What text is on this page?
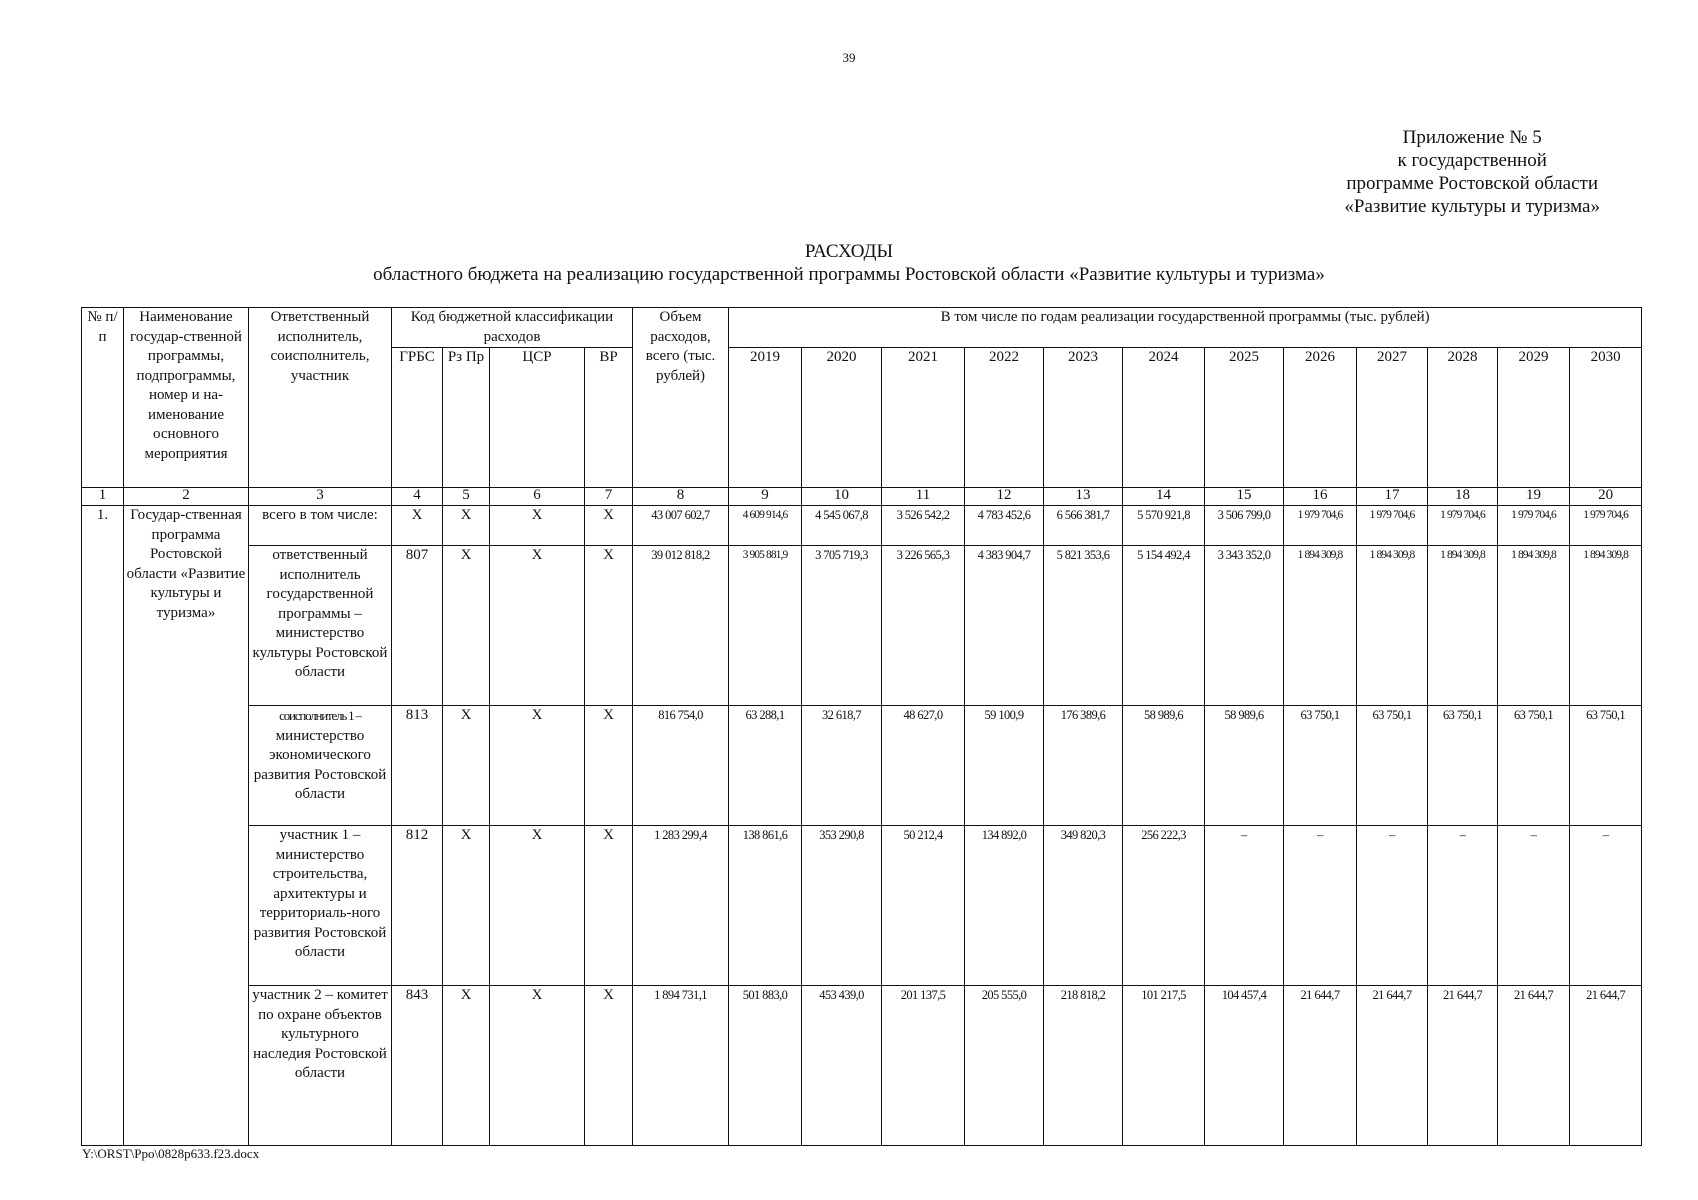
39
Приложение № 5
к государственной
программе Ростовской области
«Развитие культуры и туризма»
РАСХОДЫ
областного бюджета на реализацию государственной программы Ростовской области «Развитие культуры и туризма»
№ п/п	Наименование государ-ственной программы, подпрограммы, номер и на-именование основного мероприятия	Ответственный исполнитель, соисполнитель, участник	Код бюджетной классификации расходов				Объем расходов, всего (тыс. рублей)	В том числе по годам реализации государственной программы (тыс. рублей)											
			ГРБС	Рз Пр	ЦСР	ВР		2019	2020	2021	2022	2023	2024	2025	2026	2027	2028	2029	2030
1	2	3	4	5	6	7	8	9	10	11	12	13	14	15	16	17	18	19	20
1.	Государ-ственная программа Ростовской области «Развитие культуры и туризма»	всего в том числе:	Х	Х	Х	Х	43 007 602,7	4 609 914,6	4 545 067,8	3 526 542,2	4 783 452,6	6 566 381,7	5 570 921,8	3 506 799,0	1 979 704,6	1 979 704,6	1 979 704,6	1 979 704,6	1 979 704,6
		ответственный исполнитель государственной программы – министерство культуры Ростовской области	807	Х	Х	Х	39 012 818,2	3 905 881,9	3 705 719,3	3 226 565,3	4 383 904,7	5 821 353,6	5 154 492,4	3 343 352,0	1 894 309,8	1 894 309,8	1 894 309,8	1 894 309,8	1 894 309,8
		соисполнитель 1 – министерство экономического развития Ростовской области	813	Х	Х	Х	816 754,0	63 288,1	32 618,7	48 627,0	59 100,9	176 389,6	58 989,6	58 989,6	63 750,1	63 750,1	63 750,1	63 750,1	63 750,1
		участник 1 – министерство строительства, архитектуры и территориаль-ного развития Ростовской области	812	Х	Х	Х	1 283 299,4	138 861,6	353 290,8	50 212,4	134 892,0	349 820,3	256 222,3	–	–	–	–	–	–
		участник 2 – комитет по охране объектов культурного наследия Ростовской области	843	Х	Х	Х	1 894 731,1	501 883,0	453 439,0	201 137,5	205 555,0	218 818,2	101 217,5	104 457,4	21 644,7	21 644,7	21 644,7	21 644,7	21 644,7
Y:\ORST\Ppo\0828p633.f23.docx
